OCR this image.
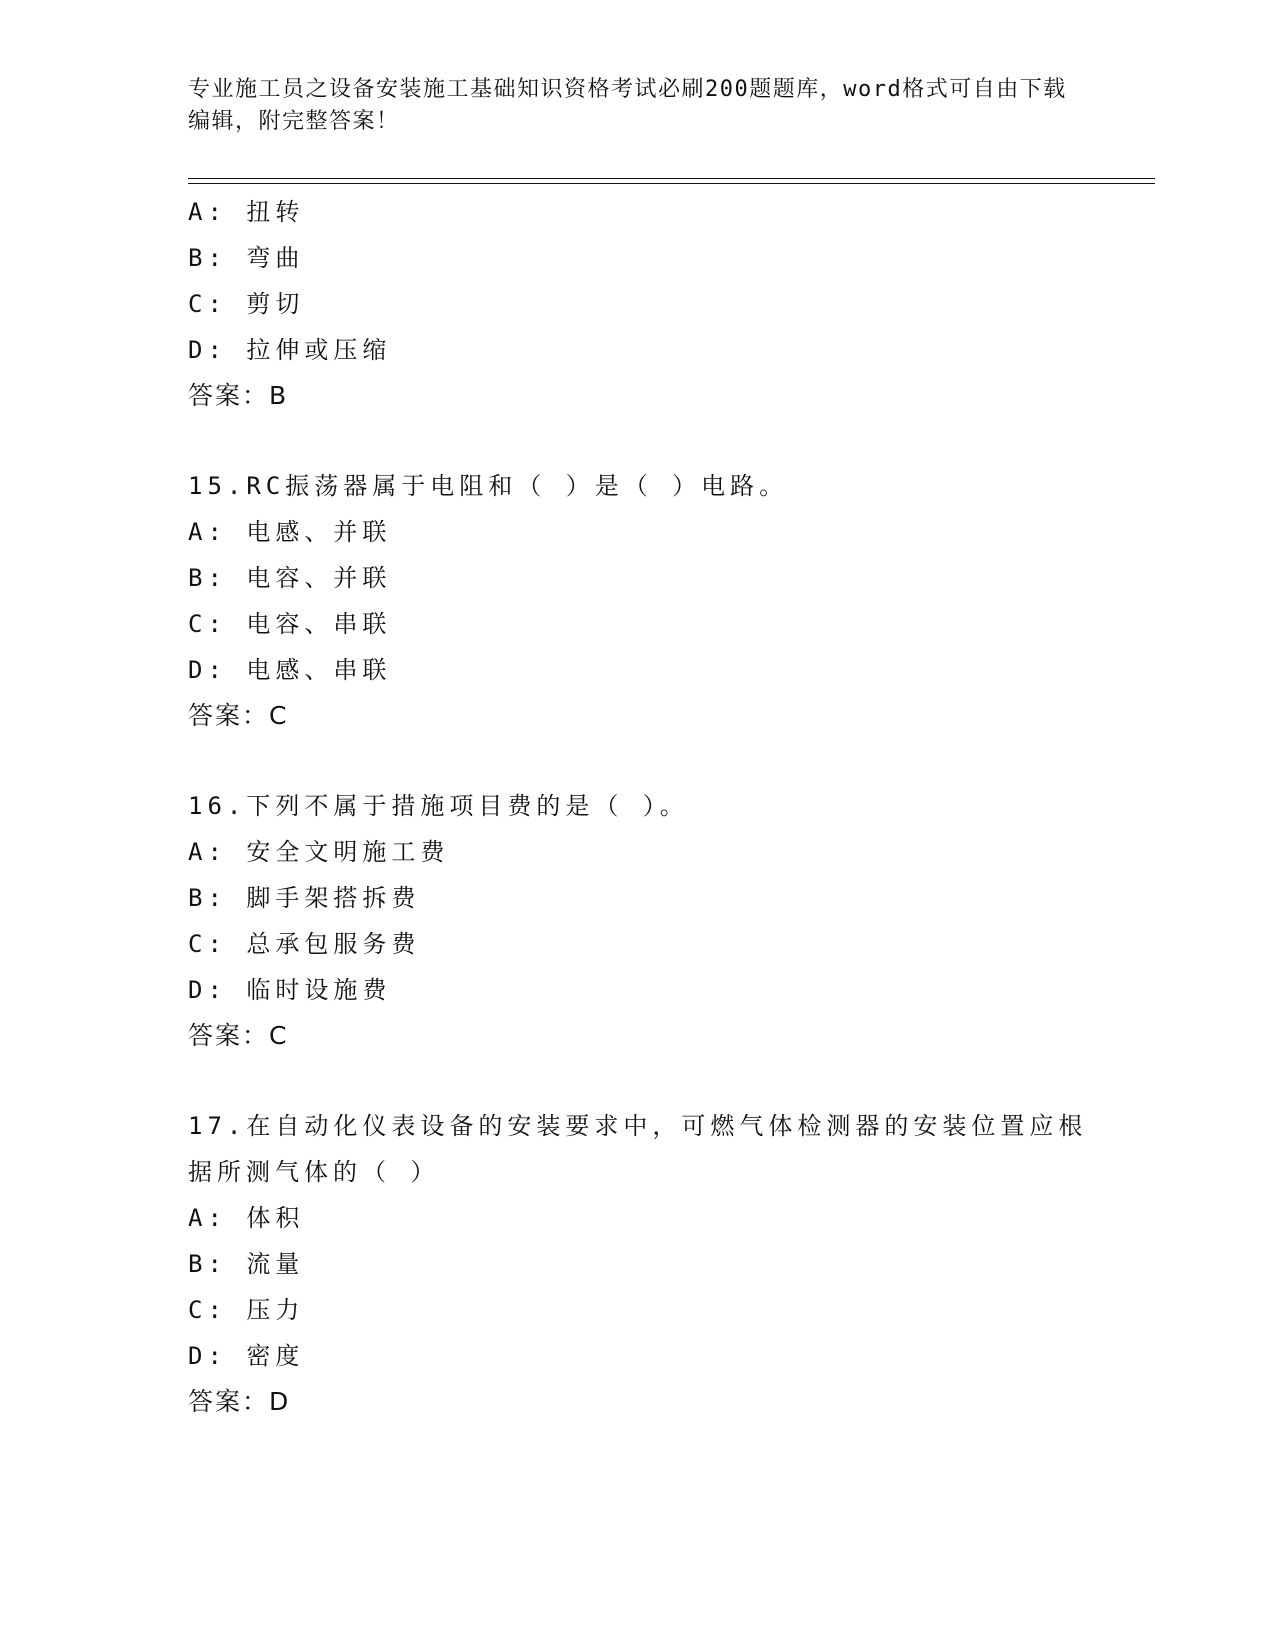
专业施工员之设备安装施工基础知识资格考试必刷200题题库，word格式可自由下载编辑，附完整答案！
A: 扭转
B: 弯曲
C: 剪切
D: 拉伸或压缩
答案：B
15.RC振荡器属于电阻和（ ）是（ ）电路。
A: 电感、并联
B: 电容、并联
C: 电容、串联
D: 电感、串联
答案：C
16.下列不属于措施项目费的是（ ）。
A: 安全文明施工费
B: 脚手架搭拆费
C: 总承包服务费
D: 临时设施费
答案：C
17.在自动化仪表设备的安装要求中，可燃气体检测器的安装位置应根据所测气体的（ ）
A: 体积
B: 流量
C: 压力
D: 密度
答案：D
